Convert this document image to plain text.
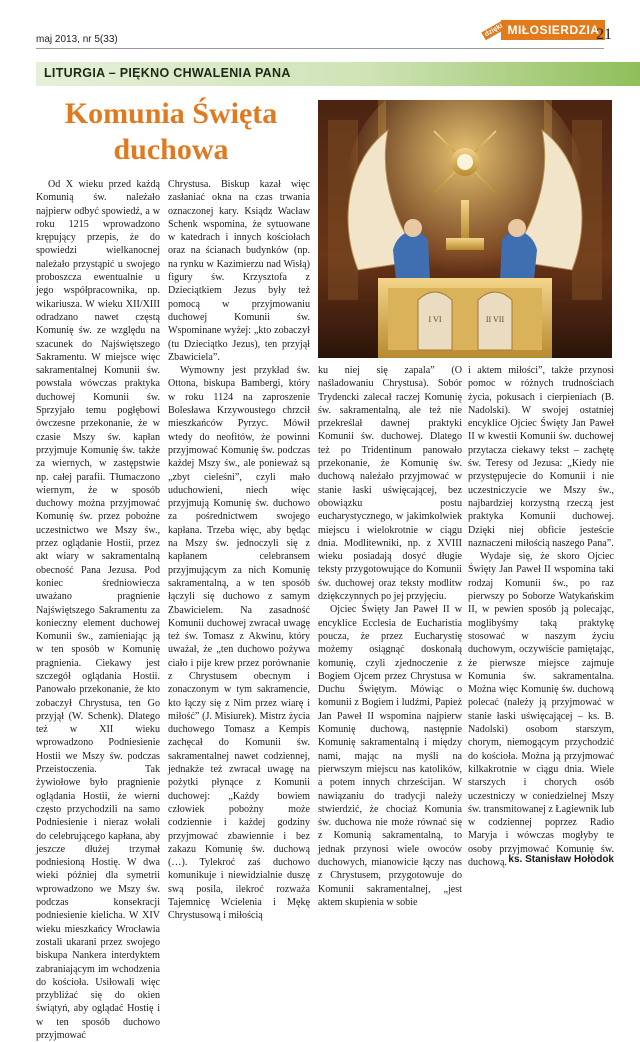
maj 2013, nr 5(33)
dzięki MIŁOSIERDZIA
21
LITURGIA – PIĘKNO CHWALENIA PANA
Komunia Święta duchowa
I VI	II VII

Od X wieku przed każdą Komunią św. należało najpierw odbyć spowiedź, a w roku 1215 wprowadzono krępujący przepis, że do spowiedzi wielkanocnej należało przystąpić u swojego proboszcza ewentualnie u jego współpracownika, np. wikariusza. W wieku XII/XIII odradzano nawet częstą Komunię św. ze względu na szacunek do Najświętszego Sakramentu. W miejsce więc sakramentalnej Komunii św. powstała wówczas praktyka duchowej Komunii św. Sprzyjało temu pogłębowi ówczesne przekonanie, że w czasie Mszy św. kapłan przyjmuje Komunię św. także za wiernych, w zastępstwie np. całej parafii. Tłumaczono wiernym, że w sposób duchowy można przyjmować Komunię św. przez pobożne uczestnictwo we Mszy św., przez oglądanie Hostii, przez akt wiary w sakramentalną obecność Pana Jezusa. Pod koniec średniowiecza uważano pragnienie Najświętszego Sakramentu za konieczny element duchowej Komunii św., zamieniając ją w ten sposób w Komunię pragnienia. Ciekawy jest szczegół oglądania Hostii. Panowało przekonanie, że kto zobaczył Chrystusa, ten Go przyjął (W. Schenk). Dlatego też w XII wieku wprowadzono Podniesienie Hostii we Mszy św. podczas Przeistoczenia. Tak żywiołowe było pragnienie oglądania Hostii, że wierni często przychodzili na samo Podniesienie i nieraz wołali do celebrującego kapłana, aby jeszcze dłużej trzymał podniesioną Hostię. W dwa wieki później dla symetrii wprowadzono we Mszy św. podczas konsekracji podniesienie kielicha. W XIV wieku mieszkańcy Wrocławia zostali ukarani przez swojego biskupa Nankera interdyktem zabraniającym im wchodzenia do kościoła. Usiłowali więc przybliżać się do okien świątyń, aby oglądać Hostię i w ten sposób duchowo przyjmować

Chrystusa. Biskup kazał więc zasłaniać okna na czas trwania oznaczonej kary. Ksiądz Wacław Schenk wspomina, że sytuowane w katedrach i innych kościołach oraz na ścianach budynków (np. na rynku w Kazimierzu nad Wisłą) figury św. Krzysztofa z Dzieciątkiem Jezus były też pomocą w przyjmowaniu duchowej Komunii św. Wspominane wyżej: „kto zobaczył (tu Dzieciątko Jezus), ten przyjął Zbawiciela”.

Wymowny jest przykład św. Ottona, biskupa Bambergi, który w roku 1124 na zaproszenie Bolesława Krzywoustego chrzcił mieszkańców Pyrzyc. Mówił wtedy do neofitów, że powinni przyjmować Komunię św. podczas każdej Mszy św., ale ponieważ są „zbyt cieleśni”, czyli mało uduchowieni, niech więc przyjmują Komunię św. duchowo za pośrednictwem swojego kapłana. Trzeba więc, aby będąc na Mszy św. jednoczyli się z kapłanem celebransem przyjmującym za nich Komunię sakramentalną, a w ten sposób łączyli się duchowo z samym Zbawicielem. Na zasadność Komunii duchowej zwracał uwagę też św. Tomasz z Akwinu, który uważał, że „ten duchowo pożywa ciało i pije krew przez porównanie z Chrystusem obecnym i zonaczonym w tym sakramencie, kto łączy się z Nim przez wiarę i miłość” (J. Misiurek). Mistrz życia duchowego Tomasz a Kempis zachęcał do Komunii św. sakramentalnej nawet codziennej, jednakże też zwracał uwagę na pożytki płynące z Komunii duchowej: „Każdy bowiem człowiek pobożny może codziennie i każdej godziny przyjmować zbawiennie i bez zakazu Komunię św. duchową (…). Tylekroć zaś duchowo komunikuje i niewidzialnie duszę swą posila, ilekroć rozważa Tajemnicę Wcielenia i Mękę Chrystusową i miłością

ku niej się zapala” (O naśladowaniu Chrystusa). Sobór Trydencki zalecał raczej Komunię św. sakramentalną, ale też nie przekreślał dawnej praktyki Komunii św. duchowej. Dlatego też po Tridentinum panowało przekonanie, że Komunię św. duchową należało przyjmować w stanie łaski uświęcającej, bez obowiązku postu eucharystycznego, w jakimkolwiek miejscu i wielokrotnie w ciągu dnia. Modlitewniki, np. z XVIII wieku posiadają dosyć długie teksty przygotowujące do Komunii św. duchowej oraz teksty modlitw dziękczynnych po jej przyjęciu.

Ojciec Święty Jan Paweł II w encyklice Ecclesia de Eucharistia poucza, że przez Eucharystię możemy osiągnąć doskonałą komunię, czyli zjednoczenie z Bogiem Ojcem przez Chrystusa w Duchu Świętym. Mówiąc o komunii z Bogiem i ludźmi, Papież Jan Paweł II wspomina najpierw Komunię duchową, następnie Komunię sakramentalną i między nami, mając na myśli na pierwszym miejscu nas katolików, a potem innych chrześcijan. W nawiązaniu do tradycji należy stwierdzić, że chociaż Komunia św. duchowa nie może równać się z Komunią sakramentalną, to jednak przynosi wiele owoców duchowych, mianowicie łączy nas z Chrystusem, przygotowuje do Komunii sakramentalnej, „jest aktem skupienia w sobie

i aktem miłości”, także przynosi pomoc w różnych trudnościach życia, pokusach i cierpieniach (B. Nadolski). W swojej ostatniej encyklice Ojciec Święty Jan Paweł II w kwestii Komunii św. duchowej przytacza ciekawy tekst – zachętę św. Teresy od Jezusa: „Kiedy nie przystępujecie do Komunii i nie uczestniczycie we Mszy św., najbardziej korzystną rzeczą jest praktyka Komunii duchowej. Dzięki niej obficie jesteście naznaczeni miłością naszego Pana”.

Wydaje się, że skoro Ojciec Święty Jan Paweł II wspomina taki rodzaj Komunii św., po raz pierwszy po Soborze Watykańskim II, w pewien sposób ją polecając, moglibyśmy taką praktykę stosować w naszym życiu duchowym, oczywiście pamiętając, że pierwsze miejsce zajmuje Komunia św. sakramentalna. Można więc Komunię św. duchową polecać (należy ją przyjmować w stanie łaski uświęcającej – ks. B. Nadolski) osobom starszym, chorym, niemogącym przychodzić do kościoła. Można ją przyjmować kilkakrotnie w ciągu dnia. Wiele starszych i chorych osób uczestniczy w coniedzielnej Mszy św. transmitowanej z Łagiewnik lub w codziennej poprzez Radio Maryja i wówczas mogłyby te osoby przyjmować Komunię św. duchową. ks. Stanisław Hołodok
